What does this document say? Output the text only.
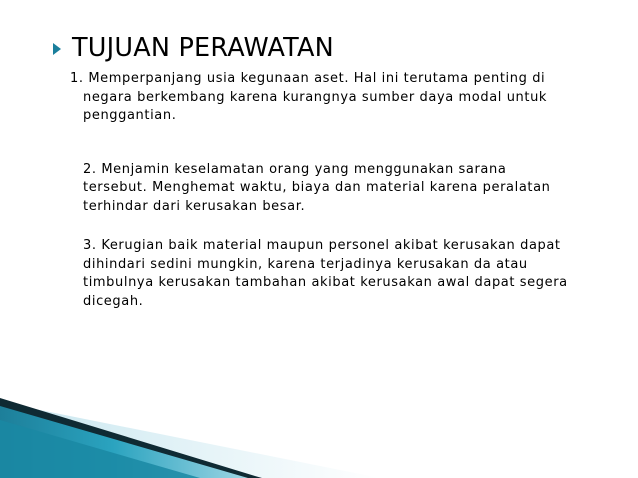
TUJUAN PERAWATAN

1. Memperpanjang usia kegunaan aset. Hal ini terutama penting di negara berkembang karena kurangnya sumber daya modal untuk penggantian.

2. Menjamin keselamatan orang yang menggunakan sarana tersebut. Menghemat waktu, biaya dan material karena peralatan terhindar dari kerusakan besar.

3. Kerugian baik material maupun personel akibat kerusakan dapat dihindari sedini mungkin, karena terjadinya kerusakan da atau timbulnya kerusakan tambahan akibat kerusakan awal dapat segera dicegah.
